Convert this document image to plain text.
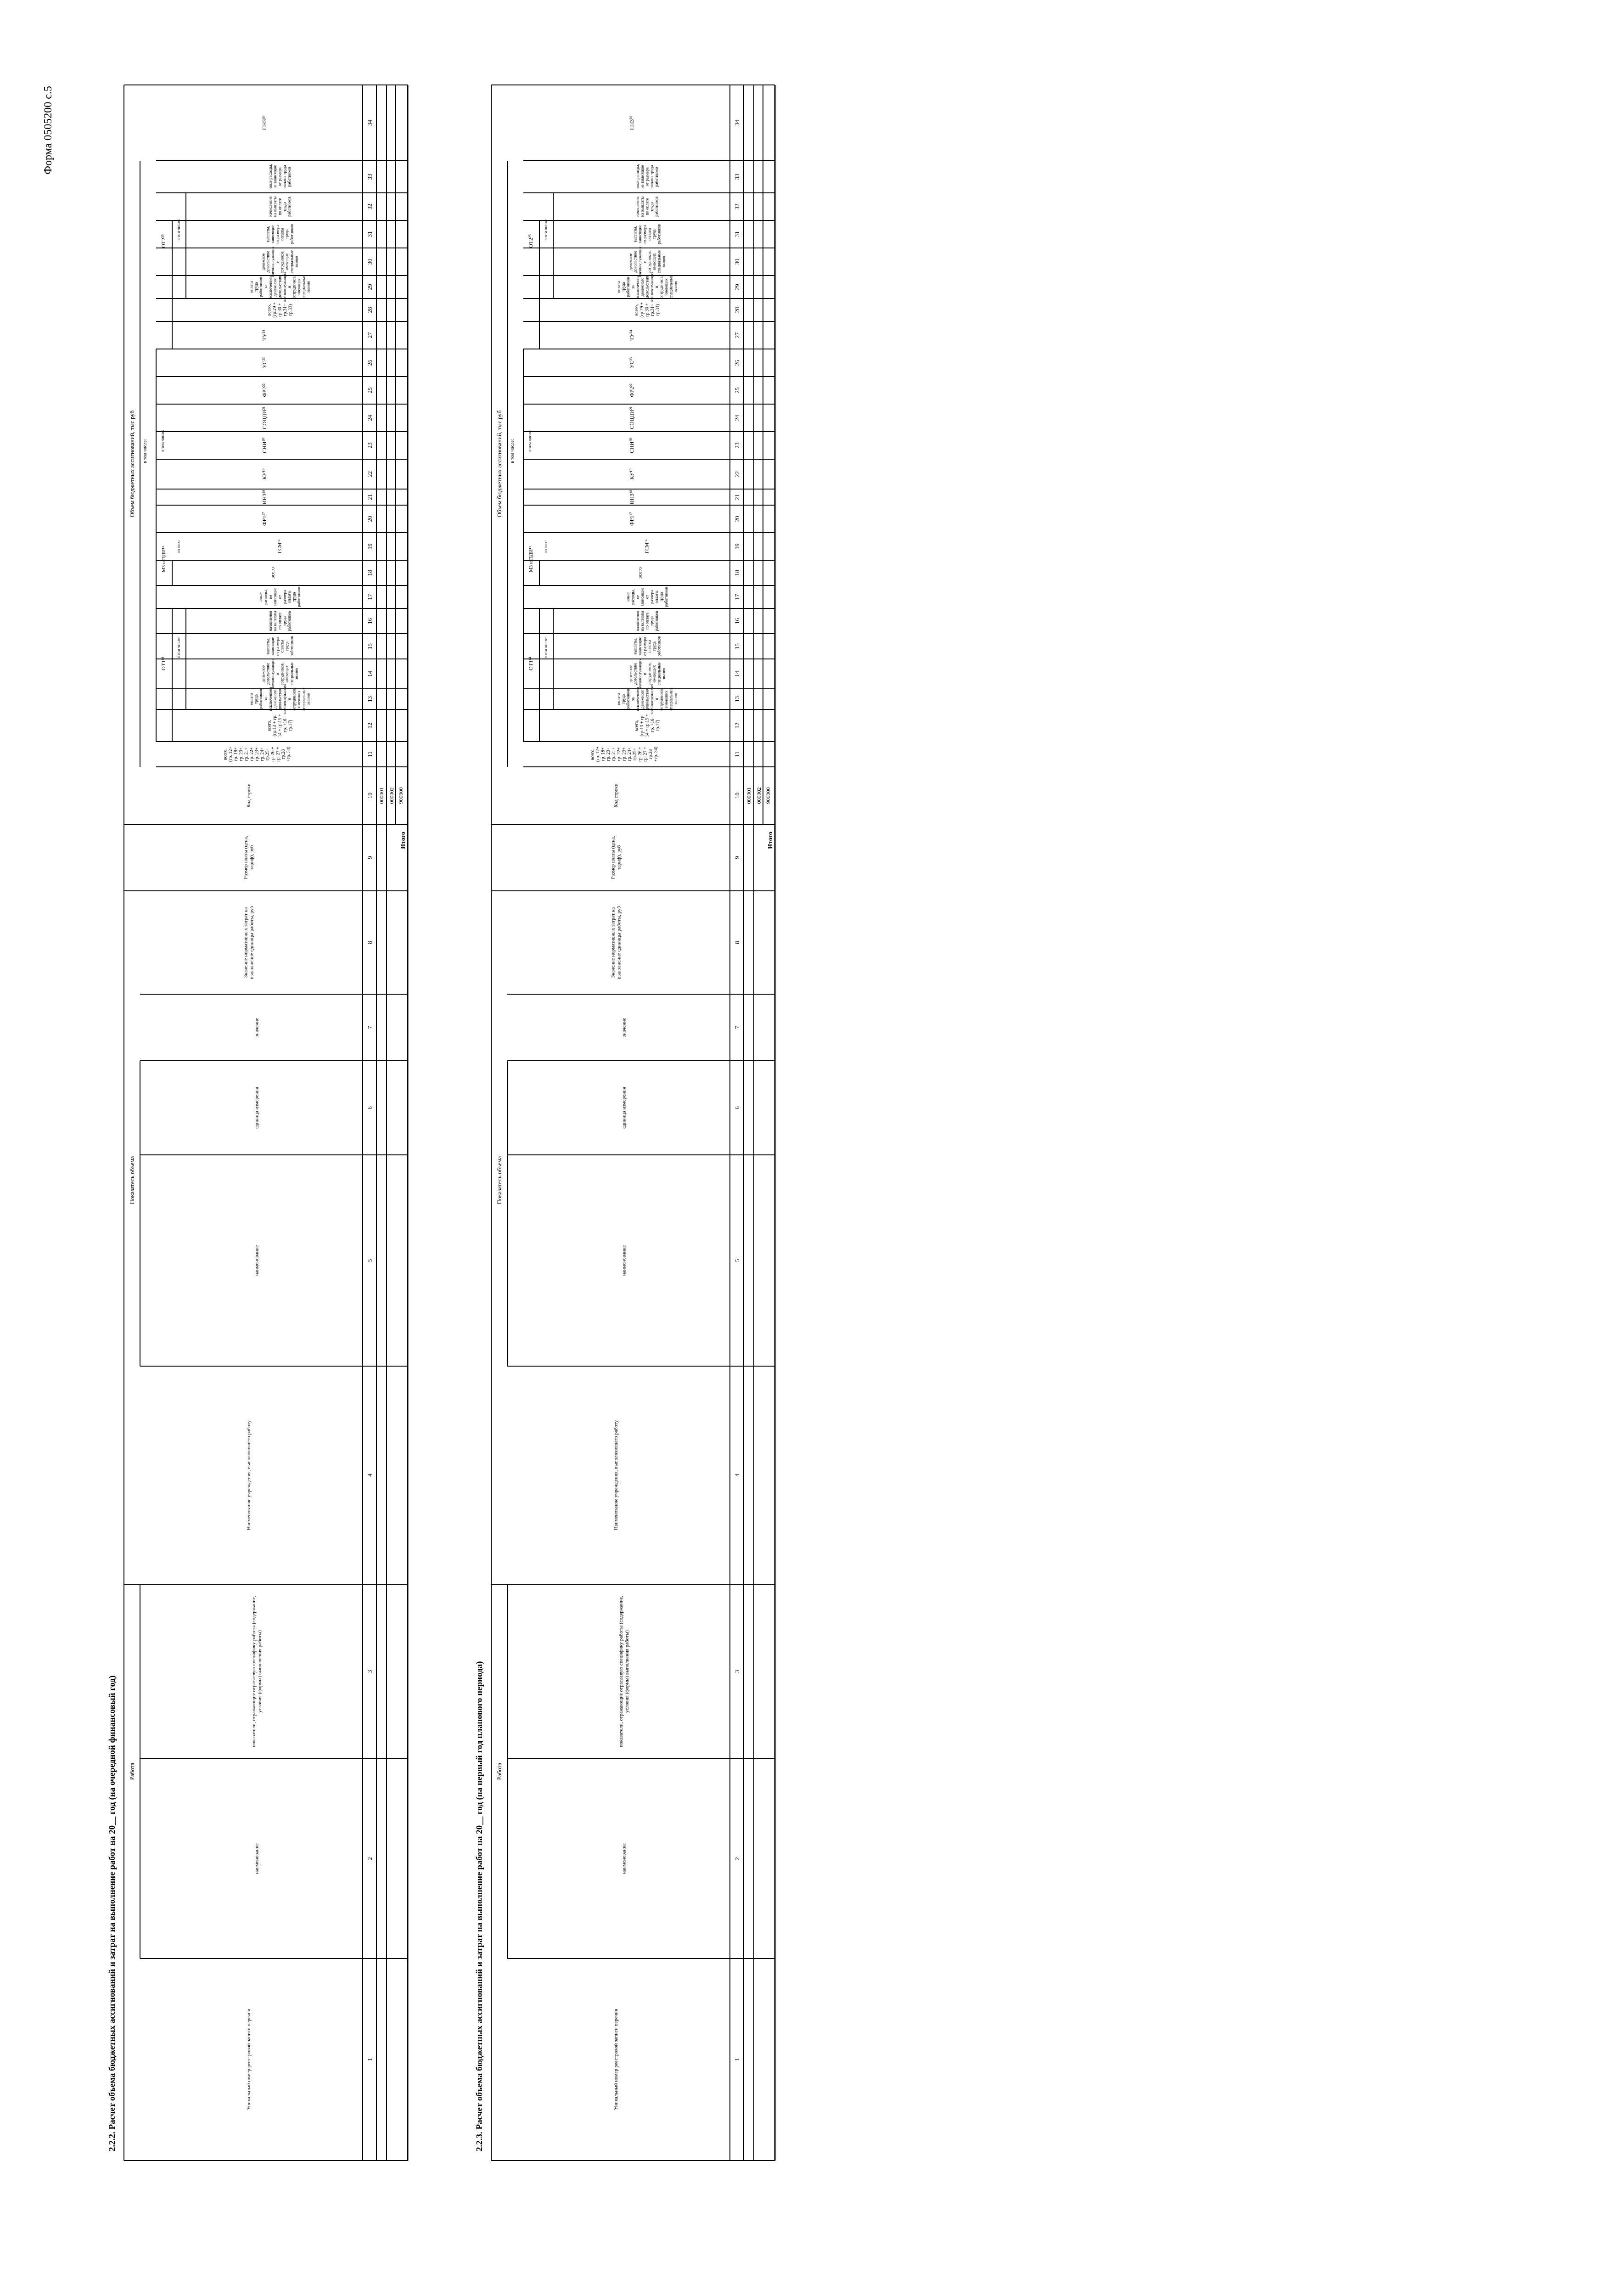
Форма 0505200 с.5
Уникальный номер реестровой записи перечня
наименование
показатели, отражающие отраслевую специфику работы (содержание,условия (формы) выполнения работы)
Наименование учреждения, выполняющего работу
наименование
единица измерения
значение
Значение нормативных затрат навыполнение единицы работы, руб
Размер платы (цена,тариф), руб
Код строки
всего,(гр. 12+гр. 18+гр. 20+гр. 21+гр. 22+гр. 23+гр. 24+гр.25+гр. 26 +гр. 27 +гр.28+гр. 34)
всего,(гр.13 + гр.14 + гр.15 +гр. +16гр.17)
оплататрудаработниковзаисключениемденежногодовольствиявоеннослужащихисотрудников,имеющихспециальныезвания
денежноедовольствиевоеннослужащихисотрудников,имеющихспециальныезвания
выплаты,зависящиеот размераоплатытрудаработников
начисленияна выплатыпо оплатетрудаработников
иныерасходы,независящиеотразмераоплатытрудаработников
всего
ГСМ¹⁶
ФР1¹⁷
ИНЗ¹⁸
КУ¹⁹
СНИ²⁰
СОЦДИ²¹
ФР2²²
УС²³
ТУ²⁴
всего,(гр.29 +гр.30 +гр.31+гр.33)
оплататрудаработниковзаисключениемденежногодовольствиявоеннослужащихисотрудников,имеющихспециальныезвания
денежноедовольствиевоеннослужащихисотрудников,имеющихспециальныезвания
выплаты,зависящиеот размераоплатытрудаработников
начисленияна выплатыпо оплатетрудаработников
иные расходы,не зависящиеот размераоплаты трудаработников
ПНЗ²⁶
Работа
Показатель объема
Объем бюджетных ассигнований, тыс руб в том числе:
ОТ1¹⁴
в том числе:
МЗ и ПДИ¹⁵ из них:
в том числе:
ОТ2²⁵
в том числе:
1
2
3
4
5
6
7
8
9
10
11
12
13
14
15
16
17
18
19
20
21
22
23
24
25
26
27
28
29
30
31
32
33
34
000001 000002 900000
Итого
2.2.2. Расчет объема бюджетных ассигнований и затрат на выполнение работ на 20__ год (на очередной финансовый год)	Уникальный номер реестровой записи перечня
наименование
показатели, отражающие отраслевую специфику работы (содержание,условия (формы) выполнения работы)
Наименование учреждения, выполняющего работу
наименование
единица измерения
значение
Значение нормативных затрат навыполнение единицы работы, руб
Размер платы (цена,тариф), руб
Код строки
всего,(гр. 12+гр. 18+гр. 20+гр. 21+гр. 22+гр. 23+гр. 24+гр.25+гр. 26 +гр. 27 +гр.28+гр. 34)
всего,(гр.13 + гр.14 + гр.15 +гр. +16гр.17)
оплататрудаработниковзаисключениемденежногодовольствиявоеннослужащихисотрудников,имеющихспециальныезвания
денежноедовольствиевоеннослужащихисотрудников,имеющихспециальныезвания
выплаты,зависящиеот размераоплатытрудаработников
начисленияна выплатыпо оплатетрудаработников
иныерасходы,независящиеотразмераоплатытрудаработников
всего
ГСМ¹⁶
ФР1¹⁷
ИНЗ¹⁸
КУ¹⁹
СНИ²⁰
СОЦДИ²¹
ФР2²²
УС²³
ТУ²⁴
всего,(гр.29 +гр.30 +гр.31+гр.33)
оплататрудаработниковзаисключениемденежногодовольствиявоеннослужащихисотрудников,имеющихспециальныезвания
денежноедовольствиевоеннослужащихисотрудников,имеющихспециальныезвания
выплаты,зависящиеот размераоплатытрудаработников
начисленияна выплатыпо оплатетрудаработников
иные расходы,не зависящиеот размераоплаты трудаработников
ПНЗ²⁶
Работа
Показатель объема
Объем бюджетных ассигнований, тыс руб в том числе:
ОТ1¹⁴
в том числе:
МЗ и ПДИ¹⁵ из них:
в том числе:
ОТ2²⁵
в том числе:
1
2
3
4
5
6
7
8
9
10
11
12
13
14
15
16
17
18
19
20
21
22
23
24
25
26
27
28
29
30
31
32
33
34
000001 000002 900000
Итого
2.2.3. Расчет объема бюджетных ассигнований и затрат на выполнение работ на 20__ год (на первый год планового периода)
